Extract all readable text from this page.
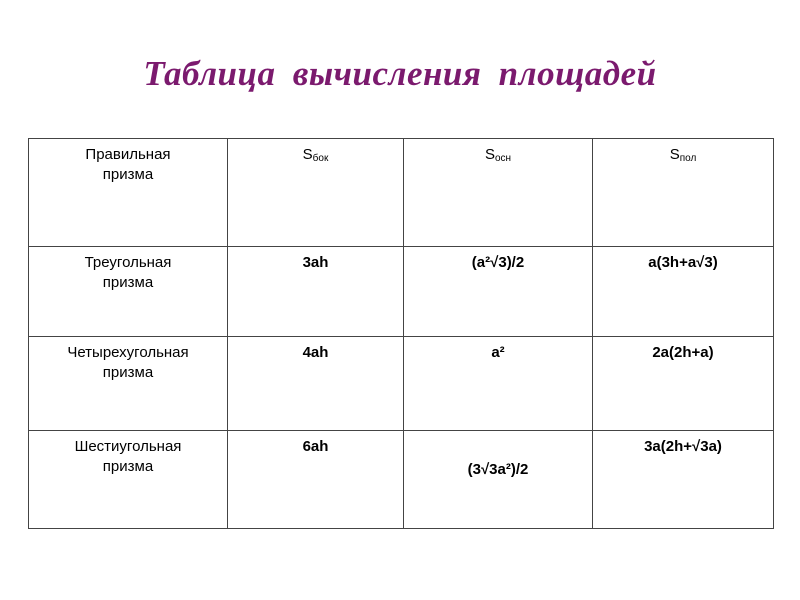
Таблица вычисления площадей
Правильная
призма	$S_{бок}$	$S_{осн}$	$S_{пол}$
Треугольная
призма	3ah	(a²√3)/2	a(3h+a√3)
Четырехугольная
призма	4ah	a²	2a(2h+a)
Шестиугольная
призма	6ah	(3√3a²)/2	3a(2h+√3a)
